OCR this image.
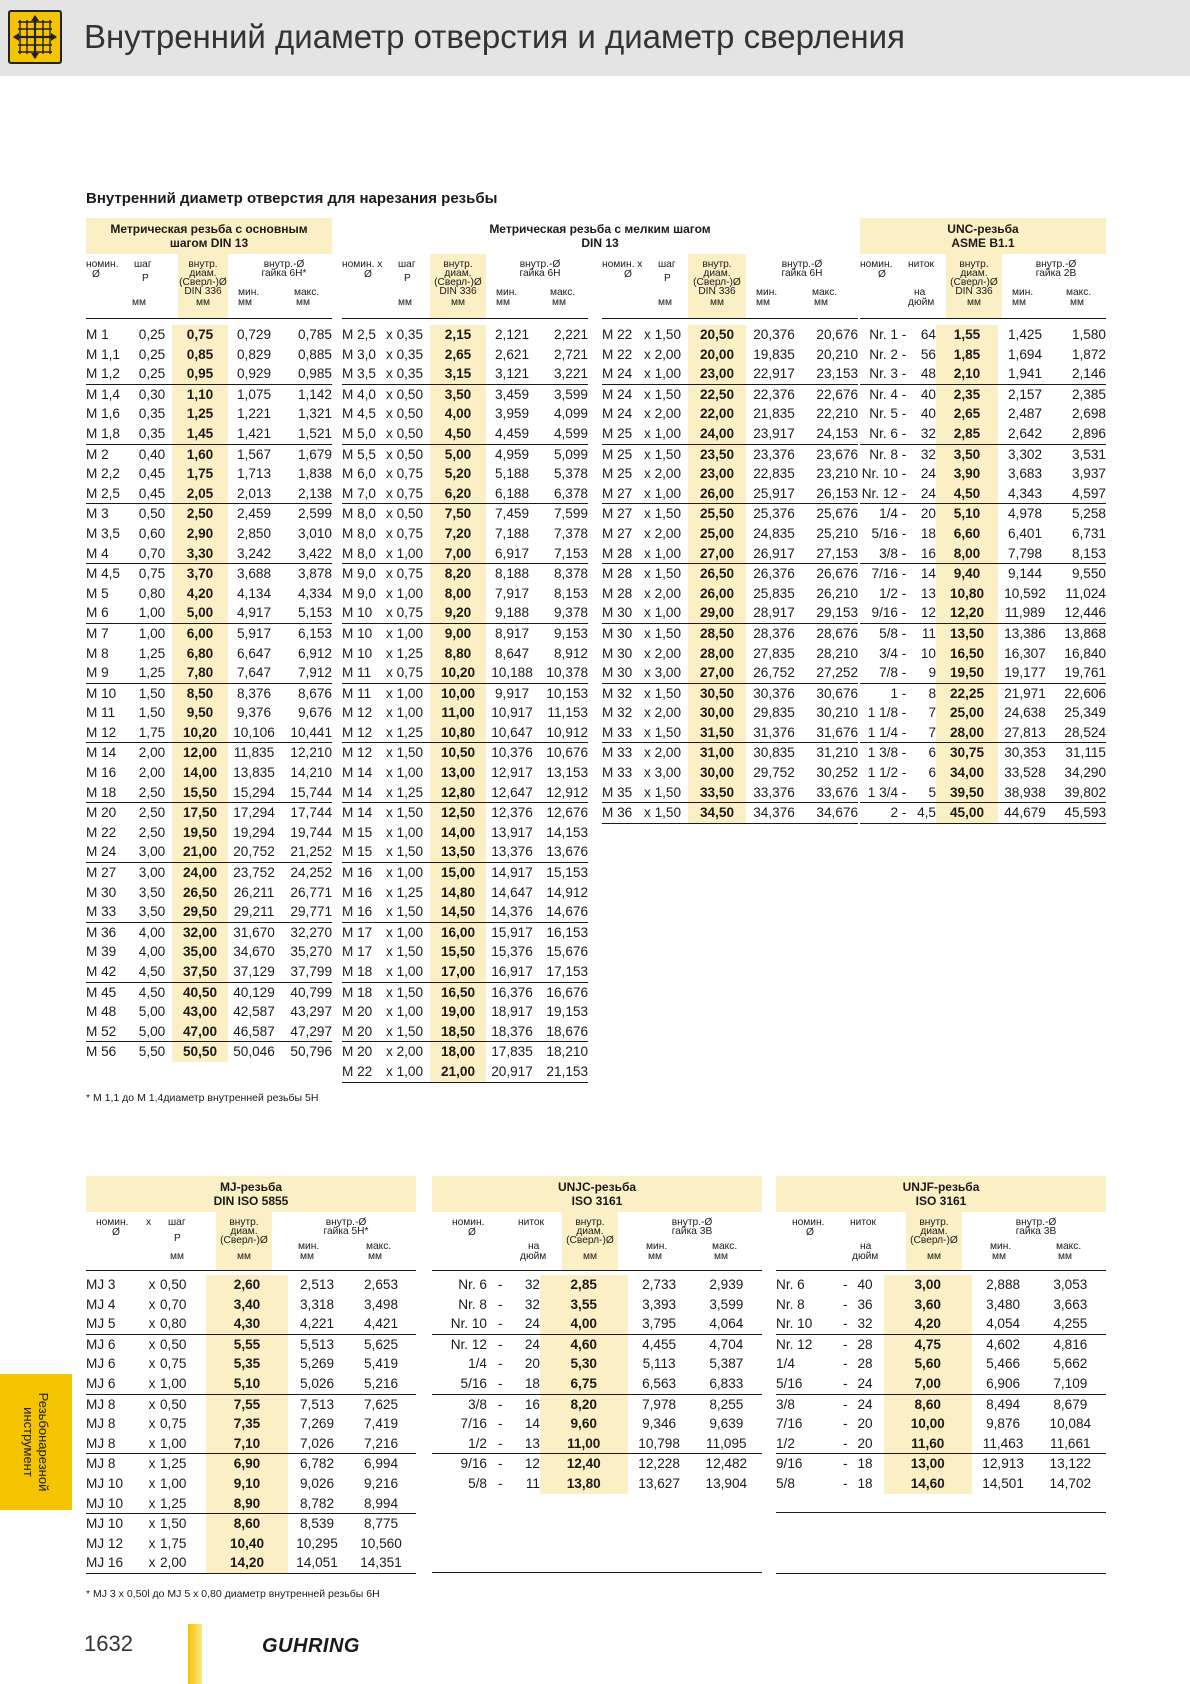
Внутренний диаметр отверстия и диаметр сверления
Внутренний диаметр отверстия для нарезания резьбы
Метрическая резьба с основным
шагом DIN 13
номин.
Ø
шаг
P
мм
внутр.
диам.
(Сверл-)Ø
DIN 336
мм
внутр.-Ø
гайка 6H*
мин.
мм
макс.
мм
M 1	0,25	0,75	0,729	0,785
M 1,1	0,25	0,85	0,829	0,885
M 1,2	0,25	0,95	0,929	0,985
M 1,4	0,30	1,10	1,075	1,142
M 1,6	0,35	1,25	1,221	1,321
M 1,8	0,35	1,45	1,421	1,521
M 2	0,40	1,60	1,567	1,679
M 2,2	0,45	1,75	1,713	1,838
M 2,5	0,45	2,05	2,013	2,138
M 3	0,50	2,50	2,459	2,599
M 3,5	0,60	2,90	2,850	3,010
M 4	0,70	3,30	3,242	3,422
M 4,5	0,75	3,70	3,688	3,878
M 5	0,80	4,20	4,134	4,334
M 6	1,00	5,00	4,917	5,153
M 7	1,00	6,00	5,917	6,153
M 8	1,25	6,80	6,647	6,912
M 9	1,25	7,80	7,647	7,912
M 10	1,50	8,50	8,376	8,676
M 11	1,50	9,50	9,376	9,676
M 12	1,75	10,20	10,106	10,441
M 14	2,00	12,00	11,835	12,210
M 16	2,00	14,00	13,835	14,210
M 18	2,50	15,50	15,294	15,744
M 20	2,50	17,50	17,294	17,744
M 22	2,50	19,50	19,294	19,744
M 24	3,00	21,00	20,752	21,252
M 27	3,00	24,00	23,752	24,252
M 30	3,50	26,50	26,211	26,771
M 33	3,50	29,50	29,211	29,771
M 36	4,00	32,00	31,670	32,270
M 39	4,00	35,00	34,670	35,270
M 42	4,50	37,50	37,129	37,799
M 45	4,50	40,50	40,129	40,799
M 48	5,00	43,00	42,587	43,297
M 52	5,00	47,00	46,587	47,297
M 56	5,50	50,50	50,046	50,796
Метрическая резьба с мелким шагом
DIN 13
номин. x шаг
Ø	P
мм
внутр.
диам.
(Сверл-)Ø
DIN 336
мм
внутр.-Ø
гайка 6H
мин.
мм
макс.
мм
M 2,5	x 0,35	2,15	2,121	2,221
M 3,0	x 0,35	2,65	2,621	2,721
M 3,5	x 0,35	3,15	3,121	3,221
M 4,0	x 0,50	3,50	3,459	3,599
M 4,5	x 0,50	4,00	3,959	4,099
M 5,0	x 0,50	4,50	4,459	4,599
M 5,5	x 0,50	5,00	4,959	5,099
M 6,0	x 0,75	5,20	5,188	5,378
M 7,0	x 0,75	6,20	6,188	6,378
M 8,0	x 0,50	7,50	7,459	7,599
M 8,0	x 0,75	7,20	7,188	7,378
M 8,0	x 1,00	7,00	6,917	7,153
M 9,0	x 0,75	8,20	8,188	8,378
M 9,0	x 1,00	8,00	7,917	8,153
M 10	x 0,75	9,20	9,188	9,378
M 10	x 1,00	9,00	8,917	9,153
M 10	x 1,25	8,80	8,647	8,912
M 11	x 0,75	10,20	10,188	10,378
M 11	x 1,00	10,00	9,917	10,153
M 12	x 1,00	11,00	10,917	11,153
M 12	x 1,25	10,80	10,647	10,912
M 12	x 1,50	10,50	10,376	10,676
M 14	x 1,00	13,00	12,917	13,153
M 14	x 1,25	12,80	12,647	12,912
M 14	x 1,50	12,50	12,376	12,676
M 15	x 1,00	14,00	13,917	14,153
M 15	x 1,50	13,50	13,376	13,676
M 16	x 1,00	15,00	14,917	15,153
M 16	x 1,25	14,80	14,647	14,912
M 16	x 1,50	14,50	14,376	14,676
M 17	x 1,00	16,00	15,917	16,153
M 17	x 1,50	15,50	15,376	15,676
M 18	x 1,00	17,00	16,917	17,153
M 18	x 1,50	16,50	16,376	16,676
M 20	x 1,00	19,00	18,917	19,153
M 20	x 1,50	18,50	18,376	18,676
M 20	x 2,00	18,00	17,835	18,210
M 22	x 1,00	21,00	20,917	21,153
номин. x шаг
Ø	P
мм
внутр.
диам.
(Сверл-)Ø
DIN 336
мм
внутр.-Ø
гайка 6H
мин.
мм
макс.
мм
M 22	x 1,50	20,50	20,376	20,676
M 22	x 2,00	20,00	19,835	20,210
M 24	x 1,00	23,00	22,917	23,153
M 24	x 1,50	22,50	22,376	22,676
M 24	x 2,00	22,00	21,835	22,210
M 25	x 1,00	24,00	23,917	24,153
M 25	x 1,50	23,50	23,376	23,676
M 25	x 2,00	23,00	22,835	23,210
M 27	x 1,00	26,00	25,917	26,153
M 27	x 1,50	25,50	25,376	25,676
M 27	x 2,00	25,00	24,835	25,210
M 28	x 1,00	27,00	26,917	27,153
M 28	x 1,50	26,50	26,376	26,676
M 28	x 2,00	26,00	25,835	26,210
M 30	x 1,00	29,00	28,917	29,153
M 30	x 1,50	28,50	28,376	28,676
M 30	x 2,00	28,00	27,835	28,210
M 30	x 3,00	27,00	26,752	27,252
M 32	x 1,50	30,50	30,376	30,676
M 32	x 2,00	30,00	29,835	30,210
M 33	x 1,50	31,50	31,376	31,676
M 33	x 2,00	31,00	30,835	31,210
M 33	x 3,00	30,00	29,752	30,252
M 35	x 1,50	33,50	33,376	33,676
M 36	x 1,50	34,50	34,376	34,676
UNC-резьба
ASME B1.1
номин.
Ø
ниток
на
дюйм
внутр.
диам.
(Сверл-)Ø
DIN 336
мм
внутр.-Ø
гайка 2B
мин.
мм
макс.
мм
Nr. 1	-	64	1,55	1,425	1,580
Nr. 2	-	56	1,85	1,694	1,872
Nr. 3	-	48	2,10	1,941	2,146
Nr. 4	-	40	2,35	2,157	2,385
Nr. 5	-	40	2,65	2,487	2,698
Nr. 6	-	32	2,85	2,642	2,896
Nr. 8	-	32	3,50	3,302	3,531
Nr. 10	-	24	3,90	3,683	3,937
Nr. 12	-	24	4,50	4,343	4,597
1/4	-	20	5,10	4,978	5,258
5/16	-	18	6,60	6,401	6,731
3/8	-	16	8,00	7,798	8,153
7/16	-	14	9,40	9,144	9,550
1/2	-	13	10,80	10,592	11,024
9/16	-	12	12,20	11,989	12,446
5/8	-	11	13,50	13,386	13,868
3/4	-	10	16,50	16,307	16,840
7/8	-	9	19,50	19,177	19,761
1	-	8	22,25	21,971	22,606
1 1/8	-	7	25,00	24,638	25,349
1 1/4	-	7	28,00	27,813	28,524
1 3/8	-	6	30,75	30,353	31,115
1 1/2	-	6	34,00	33,528	34,290
1 3/4	-	5	39,50	38,938	39,802
2	-	4,5	45,00	44,679	45,593
* M 1,1 до M 1,4диаметр внутренней резьбы 5H
MJ-резьба
DIN ISO 5855
номин.
Ø
x шаг
P
мм
внутр.
диам.
(Сверл-)Ø
мм
внутр.-Ø
гайка 5H*
мин.
мм
макс.
мм
MJ 3	x	0,50	2,60	2,513	2,653
MJ 4	x	0,70	3,40	3,318	3,498
MJ 5	x	0,80	4,30	4,221	4,421
MJ 6	x	0,50	5,55	5,513	5,625
MJ 6	x	0,75	5,35	5,269	5,419
MJ 6	x	1,00	5,10	5,026	5,216
MJ 8	x	0,50	7,55	7,513	7,625
MJ 8	x	0,75	7,35	7,269	7,419
MJ 8	x	1,00	7,10	7,026	7,216
MJ 8	x	1,25	6,90	6,782	6,994
MJ 10	x	1,00	9,10	9,026	9,216
MJ 10	x	1,25	8,90	8,782	8,994
MJ 10	x	1,50	8,60	8,539	8,775
MJ 12	x	1,75	10,40	10,295	10,560
MJ 16	x	2,00	14,20	14,051	14,351
UNJC-резьба
ISO 3161
номин.
Ø
ниток
на
дюйм
внутр.
диам.
(Сверл-)Ø
мм
внутр.-Ø
гайка 3B
мин.
мм
макс.
мм
Nr. 6	-	32	2,85	2,733	2,939
Nr. 8	-	32	3,55	3,393	3,599
Nr. 10	-	24	4,00	3,795	4,064
Nr. 12	-	24	4,60	4,455	4,704
1/4	-	20	5,30	5,113	5,387
5/16	-	18	6,75	6,563	6,833
3/8	-	16	8,20	7,978	8,255
7/16	-	14	9,60	9,346	9,639
1/2	-	13	11,00	10,798	11,095
9/16	-	12	12,40	12,228	12,482
5/8	-	11	13,80	13,627	13,904
UNJF-резьба
ISO 3161
номин.
Ø
ниток
на
дюйм
внутр.
диам.
(Сверл-)Ø
мм
внутр.-Ø
гайка 3B
мин.
мм
макс.
мм
Nr. 6	-	40	3,00	2,888	3,053
Nr. 8	-	36	3,60	3,480	3,663
Nr. 10	-	32	4,20	4,054	4,255
Nr. 12	-	28	4,75	4,602	4,816
1/4	-	28	5,60	5,466	5,662
5/16	-	24	7,00	6,906	7,109
3/8	-	24	8,60	8,494	8,679
7/16	-	20	10,00	9,876	10,084
1/2	-	20	11,60	11,463	11,661
9/16	-	18	13,00	12,913	13,122
5/8	-	18	14,60	14,501	14,702
* MJ 3 x 0,50l до MJ 5 x 0,80 диаметр внутренней резьбы 6H
Резьбонарезной
инструмент
1632	GUHRING
